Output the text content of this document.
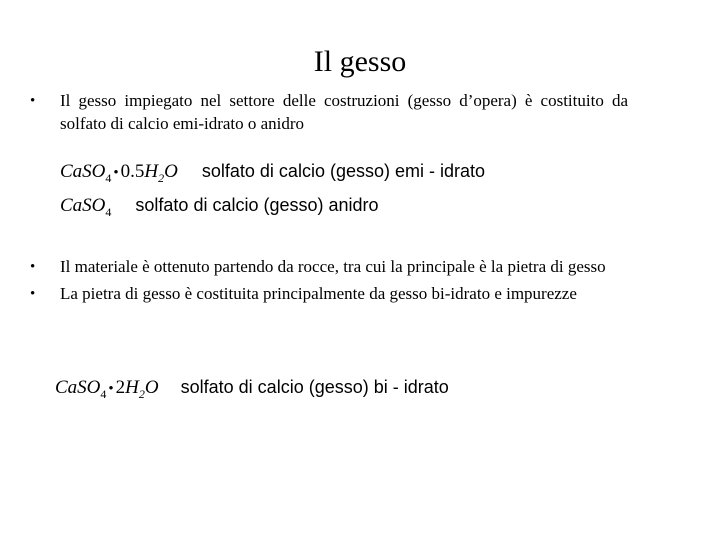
Il gesso
• Il gesso impiegato nel settore delle costruzioni (gesso d’opera) è costituito da solfato di calcio emi-idrato o anidro
CaSO$_4$ • $0.5H_2O$ solfato di calcio (gesso) emi - idrato
CaSO$_4$ solfato di calcio (gesso) anidro
• Il materiale è ottenuto partendo da rocce, tra cui la principale è la pietra di gesso
• La pietra di gesso è costituita principalmente da gesso bi-idrato e impurezze
CaSO$_4$ • $2H_2O$ solfato di calcio (gesso) bi - idrato
